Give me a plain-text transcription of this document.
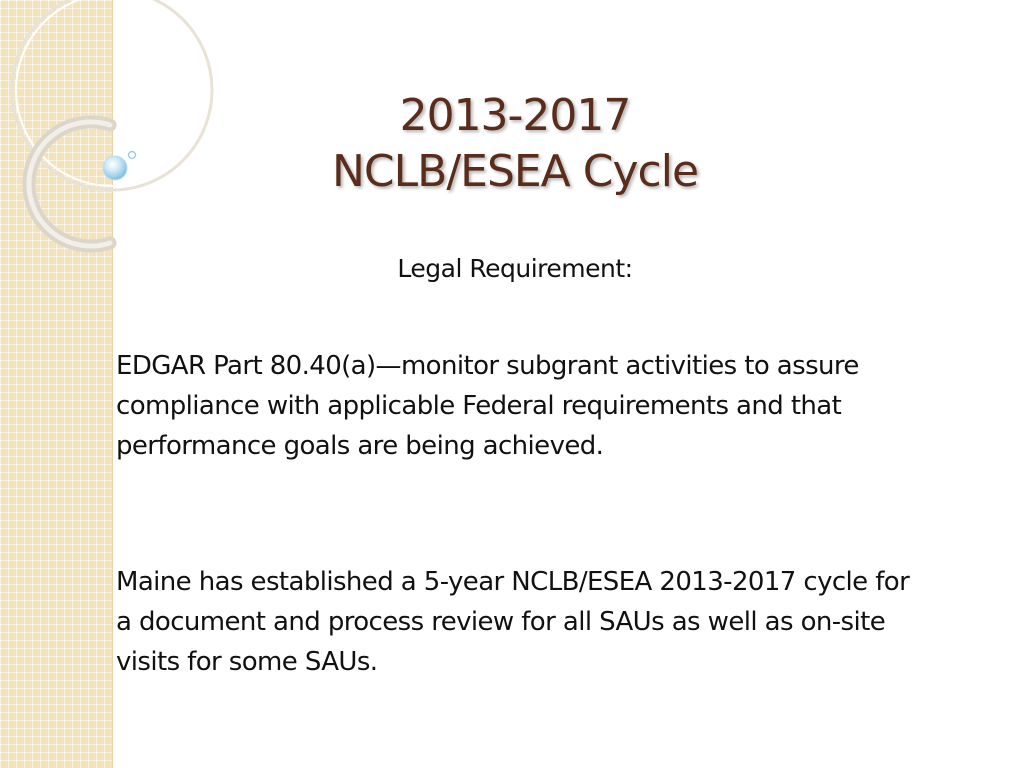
2013-2017
NCLB/ESEA Cycle
Legal Requirement:

EDGAR Part 80.40(a)—monitor subgrant activities to assure compliance with applicable Federal requirements and that performance goals are being achieved.

Maine has established a 5-year NCLB/ESEA 2013-2017 cycle for a document and process review for all SAUs as well as on-site visits for some SAUs.
